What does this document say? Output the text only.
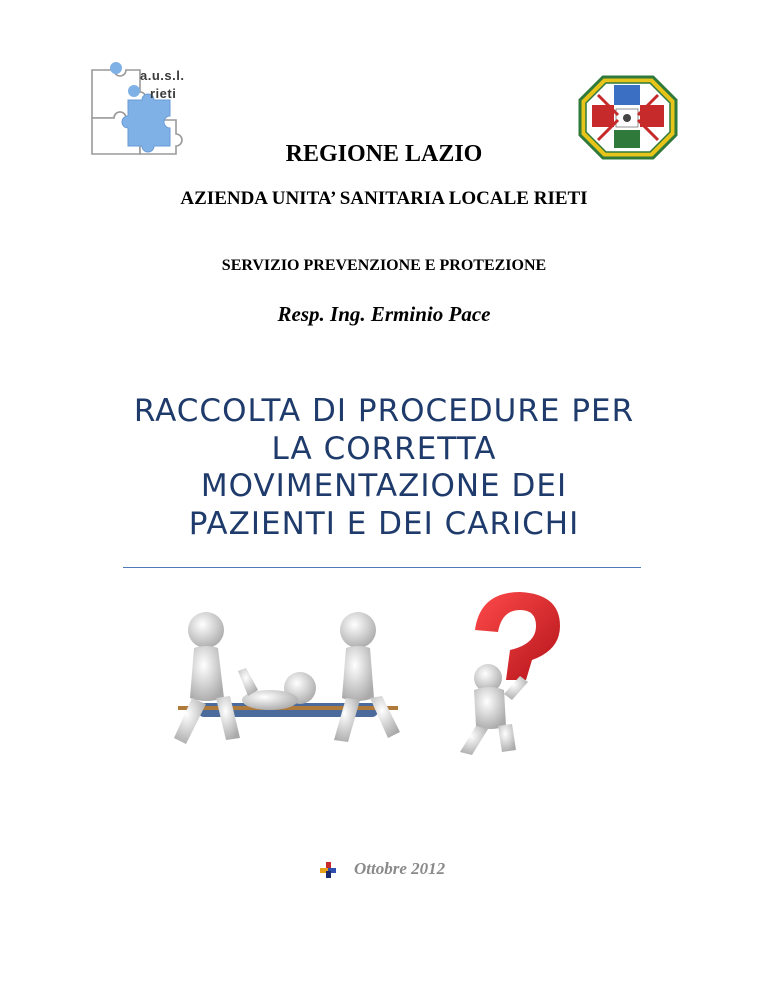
a.u.s.l.
rieti
REGIONE LAZIO
AZIENDA UNITA’ SANITARIA LOCALE RIETI
SERVIZIO PREVENZIONE E PROTEZIONE
Resp. Ing. Erminio Pace
RACCOLTA DI PROCEDURE PER LA CORRETTA MOVIMENTAZIONE DEI PAZIENTI E DEI CARICHI
Ottobre 2012
